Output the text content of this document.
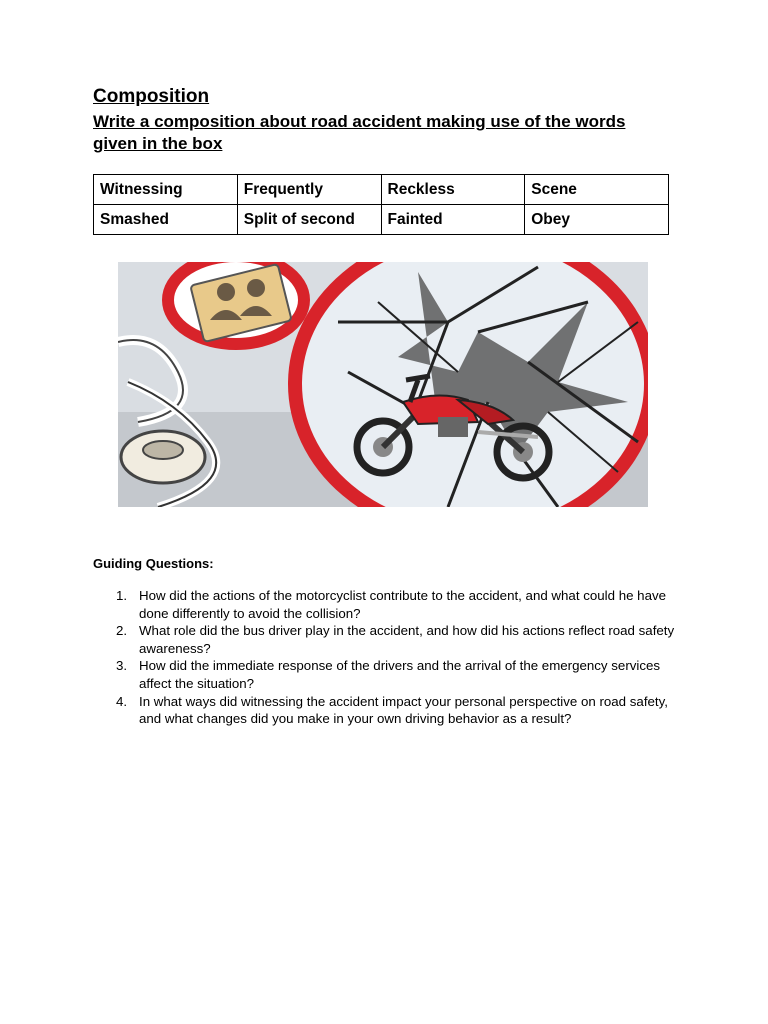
Composition

Write a composition about road accident making use of the words given in the box

Witnessing	Frequently	Reckless	Scene
Smashed	Split of second	Fainted	Obey
Guiding Questions:
1. How did the actions of the motorcyclist contribute to the accident, and what could he have done differently to avoid the collision?
2. What role did the bus driver play in the accident, and how did his actions reflect road safety awareness?
3. How did the immediate response of the drivers and the arrival of the emergency services affect the situation?
4. In what ways did witnessing the accident impact your personal perspective on road safety, and what changes did you make in your own driving behavior as a result?
